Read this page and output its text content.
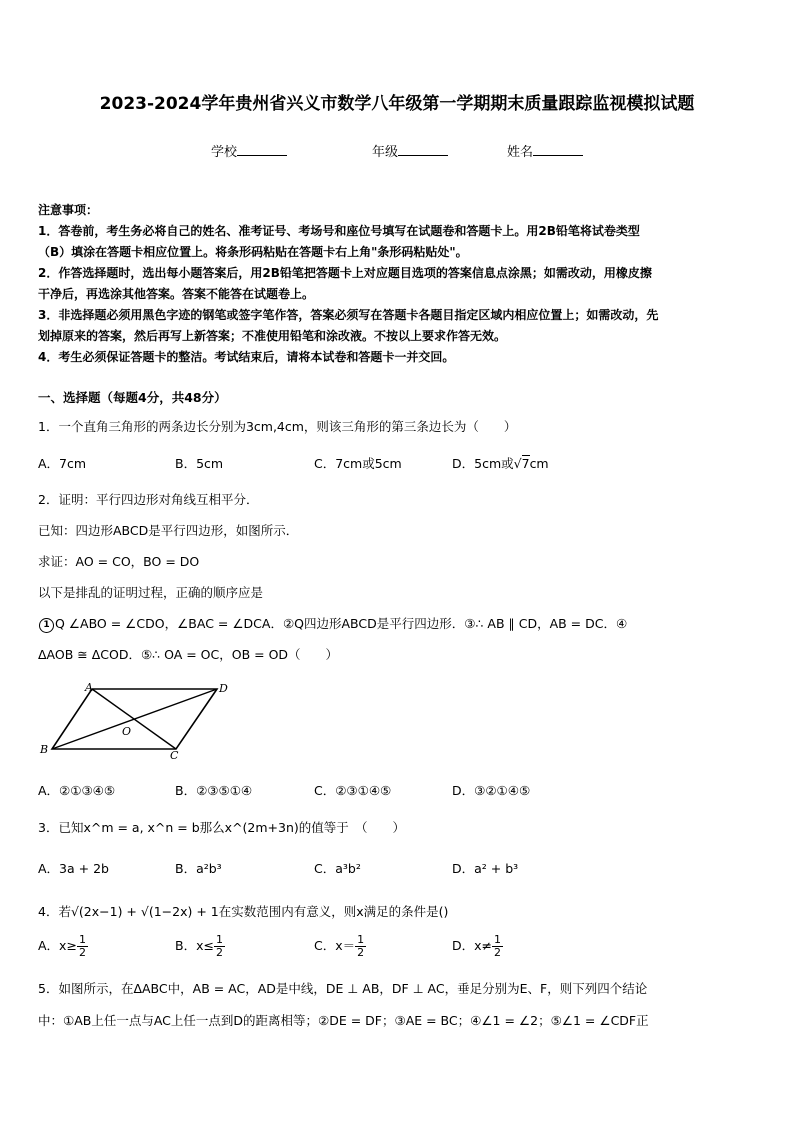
2023-2024学年贵州省兴义市数学八年级第一学期期末质量跟踪监视模拟试题
学校	年级	姓名
注意事项：
1．答卷前，考生务必将自己的姓名、准考证号、考场号和座位号填写在试题卷和答题卡上。用2B铅笔将试卷类型
（B）填涂在答题卡相应位置上。将条形码粘贴在答题卡右上角"条形码粘贴处"。
2．作答选择题时，选出每小题答案后，用2B铅笔把答题卡上对应题目选项的答案信息点涂黑；如需改动，用橡皮擦
干净后，再选涂其他答案。答案不能答在试题卷上。
3．非选择题必须用黑色字迹的钢笔或签字笔作答，答案必须写在答题卡各题目指定区域内相应位置上；如需改动，先
划掉原来的答案，然后再写上新答案；不准使用铅笔和涂改液。不按以上要求作答无效。
4．考生必须保证答题卡的整洁。考试结束后，请将本试卷和答题卡一并交回。
一、选择题（每题4分，共48分）
1．一个直角三角形的两条边长分别为3cm,4cm，则该三角形的第三条边长为（　　）
A．7cm	B．5cm	C．7cm或5cm	D．5cm或√7cm
2．证明：平行四边形对角线互相平分．
已知：四边形ABCD是平行四边形，如图所示．
求证：AO = CO，BO = DO
以下是排乱的证明过程，正确的顺序应是
1 Q ∠ABO = ∠CDO，∠BAC = ∠DCA．②Q四边形ABCD是平行四边形．③∴ AB ∥ CD，AB = DC．④
ΔAOB ≅ ΔCOD．⑤∴ OA = OC，OB = OD（　　）
A	D
B	C
O
A．②①③④⑤	B．②③⑤①④	C．②③①④⑤	D．③②①④⑤
3．已知x^m = a, x^n = b那么x^(2m+3n)的值等于　（　　）
A．3a + 2b	B．a²b³	C．a³b²	D．a² + b³
4．若√(2x−1) + √(1−2x) + 1在实数范围内有意义，则x满足的条件是()
A．$x\ge \frac{1}{2}$	B．$x\le \frac{1}{2}$	C．$x= \frac{1}{2}$	D．$x\ne \frac{1}{2}$
5．如图所示，在ΔABC中，AB = AC，AD是中线，DE ⊥ AB，DF ⊥ AC，垂足分别为E、F，则下列四个结论
中：①AB上任一点与AC上任一点到D的距离相等；②DE = DF；③AE = BC；④∠1 = ∠2；⑤∠1 = ∠CDF正
